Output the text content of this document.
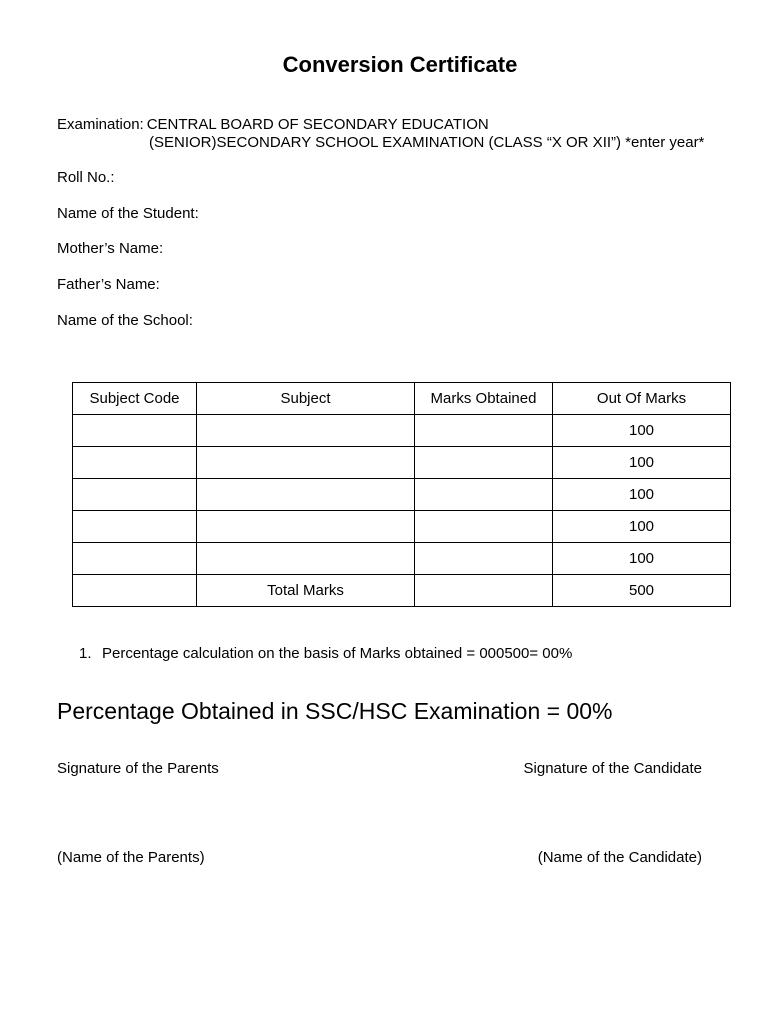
Conversion Certificate
Examination: CENTRAL BOARD OF SECONDARY EDUCATION
(SENIOR)SECONDARY SCHOOL EXAMINATION (CLASS “X OR XII”) *enter year*
Roll No.:
Name of the Student:
Mother’s Name:
Father’s Name:
Name of the School:
Subject Code	Subject	Marks Obtained	Out Of Marks
			100
			100
			100
			100
			100
	Total Marks		500
1. Percentage calculation on the basis of Marks obtained = 000500= 00%
Percentage Obtained in SSC/HSC Examination = 00%
Signature of the Parents	Signature of the Candidate
(Name of the Parents)	(Name of the Candidate)
